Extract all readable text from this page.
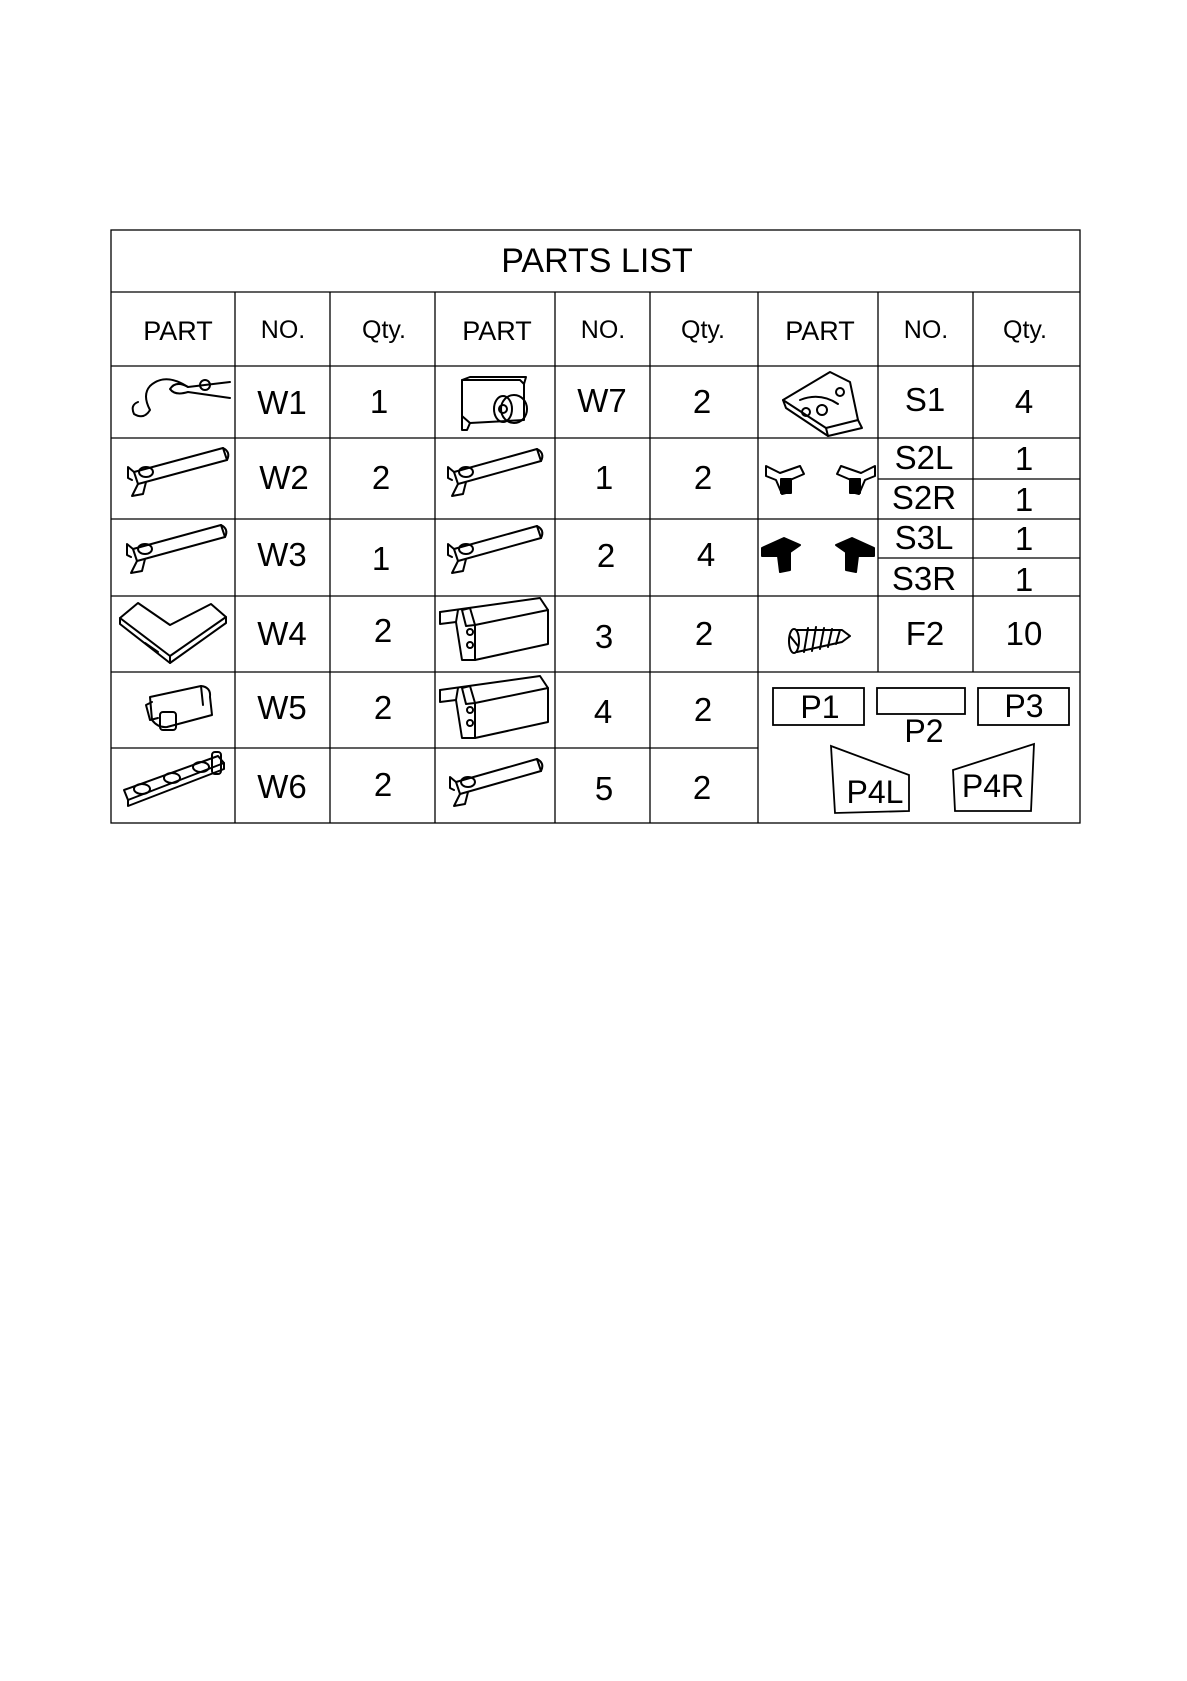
PARTS LIST
PART NO. Qty. PART NO. Qty. PART NO. Qty.
W1 1
W2 2
W3 1
W4 2
W5 2
W6 2
W7 2
1 2
2 4
3 2
4 2
5 2
S1 4
S2L 1
S2R 1
S3L 1
S3R 1
F2 10
P1
P2
P3
P4L P4R
